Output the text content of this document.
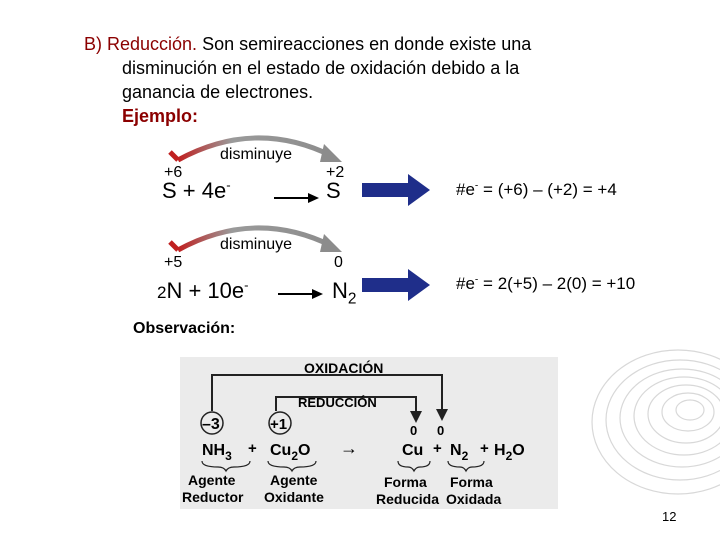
B) Reducción. Son semireacciones en donde existe una
disminución en el estado de oxidación debido a la
ganancia de electrones.
Ejemplo:
+6
disminuye
+2
S + 4e-	S	#e- = (+6) – (+2) = +4
+5
disminuye
0
2N + 10e-	$N_2$
#e- = 2(+5) – 2(0) = +10
Observación:
OXIDACIÓN
REDUCCIÓN
–3	+1	0 0
$NH_3 + Cu_2O$ →	$Cu + N_2 + H_2O$
Agente
Reductor
Agente
Oxidante
Forma
Reducida
Forma
Oxidada
12
